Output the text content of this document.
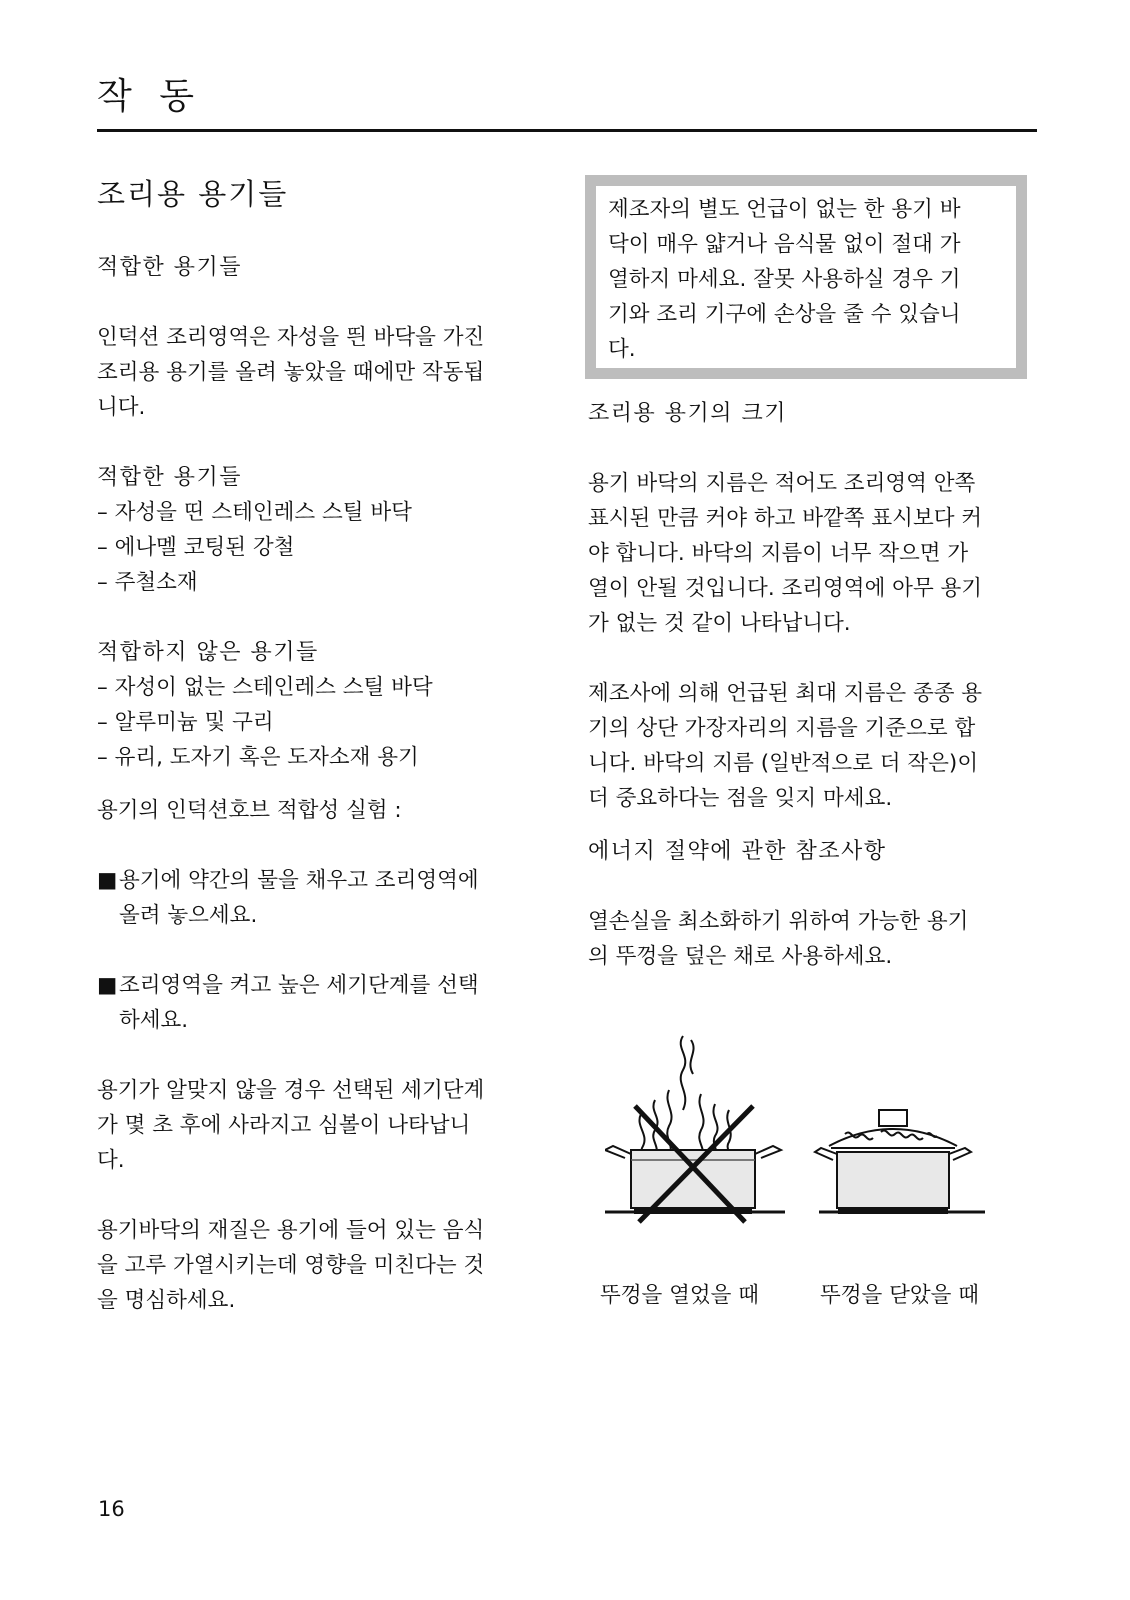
작 동
조리용 용기들
적합한 용기들

인덕션 조리영역은 자성을 띈 바닥을 가진

조리용 용기를 올려 놓았을 때에만 작동됩

니다.

적합한 용기들

– 자성을 띤 스테인레스 스틸 바닥

– 에나멜 코팅된 강철

– 주철소재

적합하지 않은 용기들

– 자성이 없는 스테인레스 스틸 바닥

– 알루미늄 및 구리

– 유리, 도자기 혹은 도자소재 용기

용기의 인덕션호브 적합성 실험 :

■ 용기에 약간의 물을 채우고 조리영역에
올려 놓으세요.
■ 조리영역을 켜고 높은 세기단계를 선택
하세요.

용기가 알맞지 않을 경우 선택된 세기단계

가 몇 초 후에 사라지고 심볼이 나타납니

다.

용기바닥의 재질은 용기에 들어 있는 음식

을 고루 가열시키는데 영향을 미친다는 것

을 명심하세요.

제조자의 별도 언급이 없는 한 용기 바
닥이 매우 얇거나 음식물 없이 절대 가
열하지 마세요. 잘못 사용하실 경우 기
기와 조리 기구에 손상을 줄 수 있습니
다.
조리용 용기의 크기

용기 바닥의 지름은 적어도 조리영역 안쪽

표시된 만큼 커야 하고 바깥쪽 표시보다 커

야 합니다. 바닥의 지름이 너무 작으면 가

열이 안될 것입니다. 조리영역에 아무 용기

가 없는 것 같이 나타납니다.

제조사에 의해 언급된 최대 지름은 종종 용

기의 상단 가장자리의 지름을 기준으로 합

니다. 바닥의 지름 (일반적으로 더 작은)이

더 중요하다는 점을 잊지 마세요.

에너지 절약에 관한 참조사항

열손실을 최소화하기 위하여 가능한 용기

의 뚜껑을 덮은 채로 사용하세요.

뚜껑을 열었을 때	뚜껑을 닫았을 때
16
